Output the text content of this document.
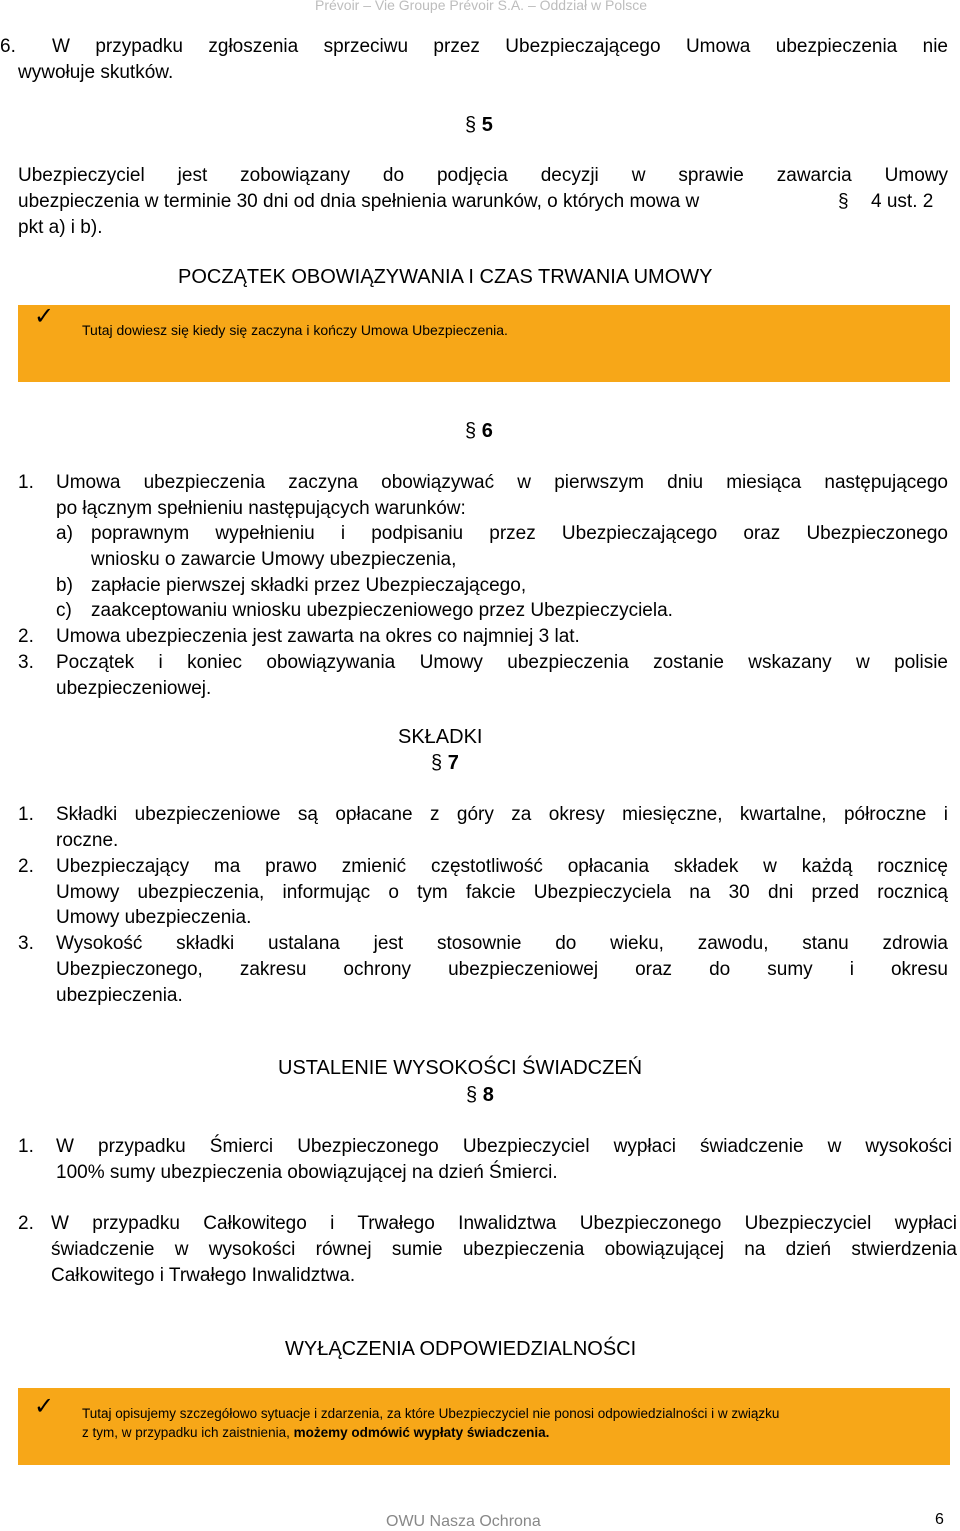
Prévoir – Vie Groupe Prévoir S.A. – Oddział w Polsce
6. W przypadku zgłoszenia sprzeciwu przez Ubezpieczającego Umowa ubezpieczenia nie
wywołuje skutków.
§ 5
Ubezpieczyciel jest zobowiązany do podjęcia decyzji w sprawie zawarcia Umowy
ubezpieczenia w terminie 30 dni od dnia spełnienia warunków, o których mowa w	§ 4 ust. 2
pkt a) i b).
POCZĄTEK OBOWIĄZYWANIA I CZAS TRWANIA UMOWY
✓ Tutaj dowiesz się kiedy się zaczyna i kończy Umowa Ubezpieczenia.
§ 6
1. Umowa ubezpieczenia zaczyna obowiązywać w pierwszym dniu miesiąca następującego
po łącznym spełnieniu następujących warunków:
a) poprawnym wypełnieniu i podpisaniu przez Ubezpieczającego oraz Ubezpieczonego
wniosku o zawarcie Umowy ubezpieczenia,
b) zapłacie pierwszej składki przez Ubezpieczającego,
c) zaakceptowaniu wniosku ubezpieczeniowego przez Ubezpieczyciela.
2. Umowa ubezpieczenia jest zawarta na okres co najmniej 3 lat.
3. Początek i koniec obowiązywania Umowy ubezpieczenia zostanie wskazany w polisie
ubezpieczeniowej.
SKŁADKI
§ 7
1. Składki ubezpieczeniowe są opłacane z góry za okresy miesięczne, kwartalne, półroczne i
roczne.
2. Ubezpieczający ma prawo zmienić częstotliwość opłacania składek w każdą rocznicę
Umowy ubezpieczenia, informując o tym fakcie Ubezpieczyciela na 30 dni przed rocznicą
Umowy ubezpieczenia.
3. Wysokość składki ustalana jest stosownie do wieku, zawodu, stanu zdrowia
Ubezpieczonego, zakresu ochrony ubezpieczeniowej oraz do sumy i okresu
ubezpieczenia.
USTALENIE WYSOKOŚCI ŚWIADCZEŃ
§ 8
1. W przypadku Śmierci Ubezpieczonego Ubezpieczyciel wypłaci świadczenie w wysokości
100% sumy ubezpieczenia obowiązującej na dzień Śmierci.
2. W przypadku Całkowitego i Trwałego Inwalidztwa Ubezpieczonego Ubezpieczyciel wypłaci
świadczenie w wysokości równej sumie ubezpieczenia obowiązującej na dzień stwierdzenia
Całkowitego i Trwałego Inwalidztwa.
WYŁĄCZENIA ODPOWIEDZIALNOŚCI
✓ Tutaj opisujemy szczegółowo sytuacje i zdarzenia, za które Ubezpieczyciel nie ponosi odpowiedzialności i w związku
z tym, w przypadku ich zaistnienia, możemy odmówić wypłaty świadczenia.
OWU Nasza Ochrona	6
